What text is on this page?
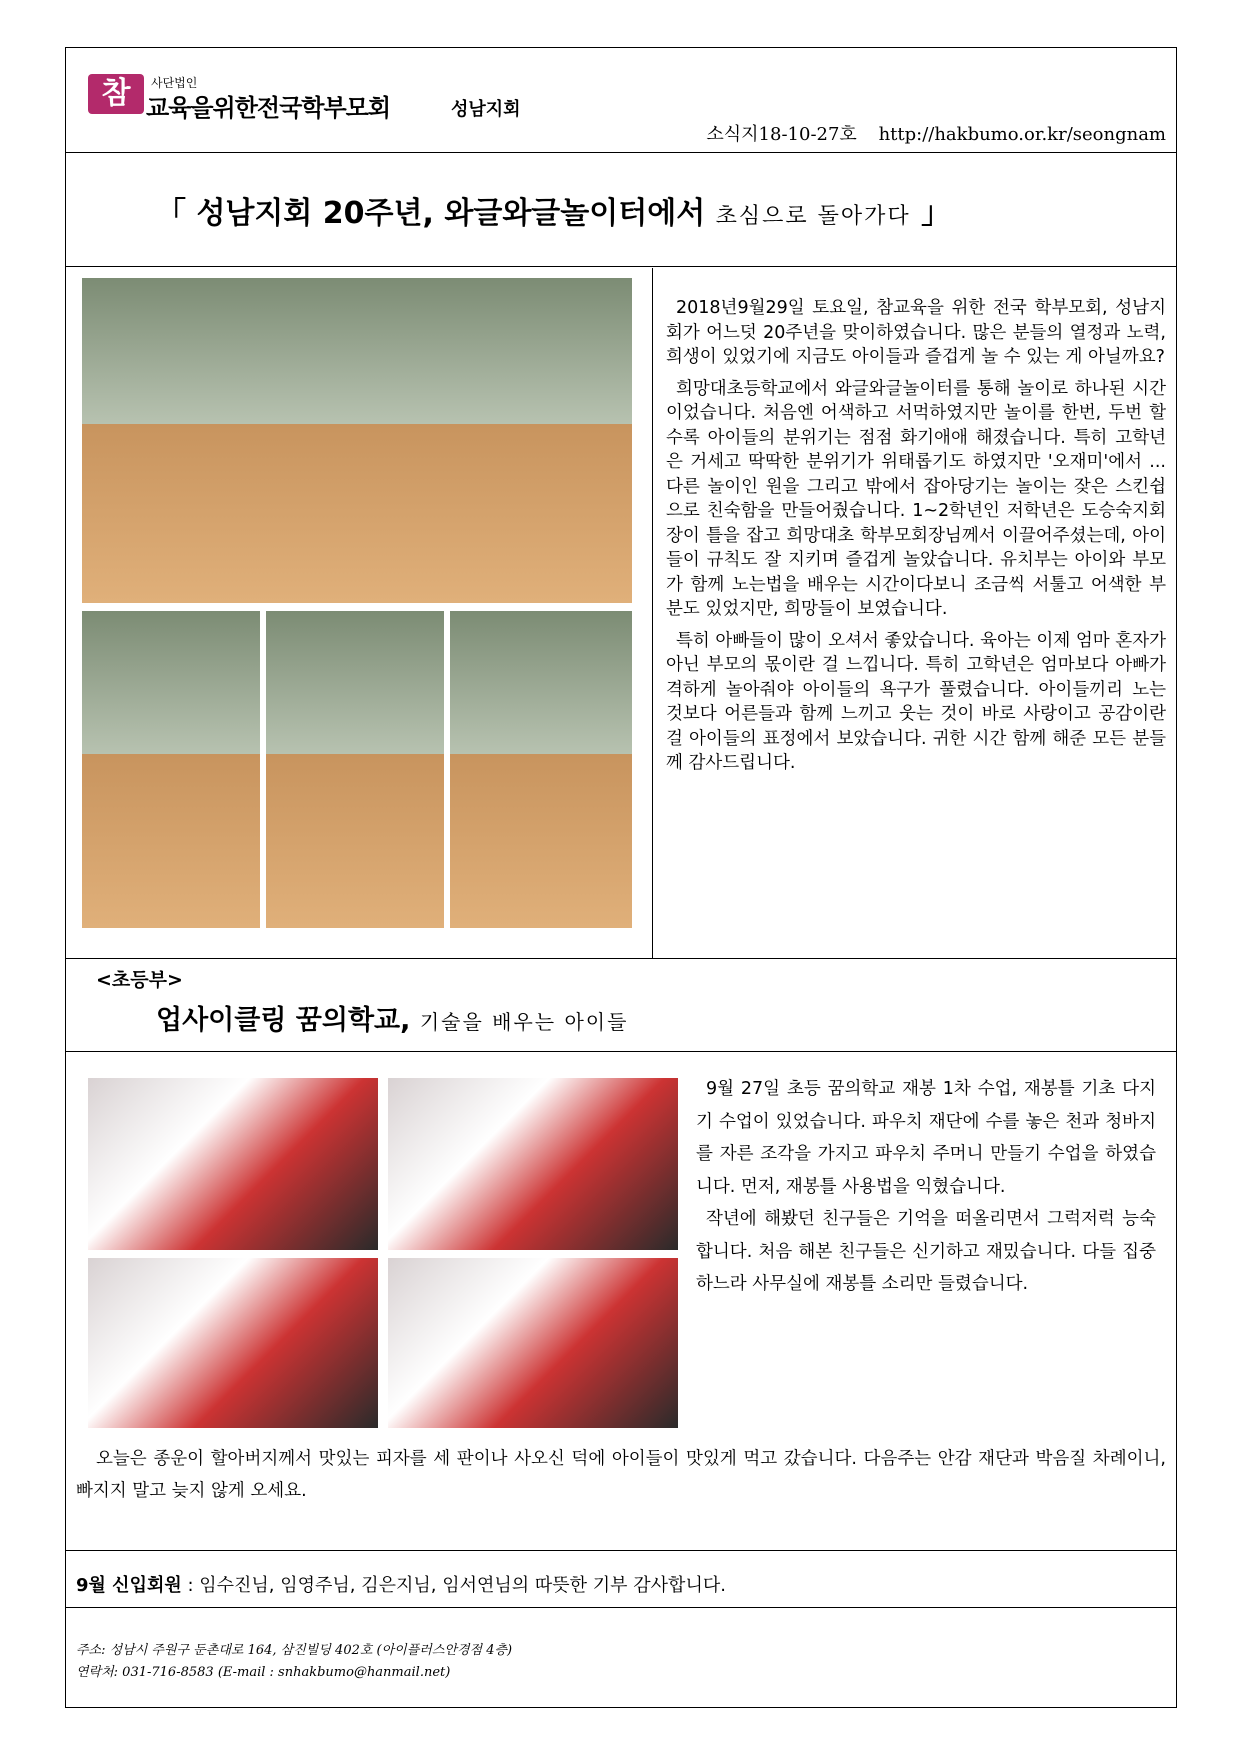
참	사단법인
교육을위한전국학부모회	성남지회
소식지18-10-27호 http://hakbumo.or.kr/seongnam
「 성남지회 20주년, 와글와글놀이터에서 초심으로 돌아가다 」

2018년9월29일 토요일, 참교육을 위한 전국 학부모회, 성남지회가 어느덧 20주년을 맞이하였습니다. 많은 분들의 열정과 노력, 희생이 있었기에 지금도 아이들과 즐겁게 놀 수 있는 게 아닐까요?

희망대초등학교에서 와글와글놀이터를 통해 놀이로 하나된 시간이었습니다. 처음엔 어색하고 서먹하였지만 놀이를 한번, 두번 할수록 아이들의 분위기는 점점 화기애애 해졌습니다. 특히 고학년은 거세고 딱딱한 분위기가 위태롭기도 하였지만 '오재미'에서 ... 다른 놀이인 원을 그리고 밖에서 잡아당기는 놀이는 잦은 스킨쉽으로 친숙함을 만들어줬습니다. 1~2학년인 저학년은 도승숙지회장이 틀을 잡고 희망대초 학부모회장님께서 이끌어주셨는데, 아이들이 규칙도 잘 지키며 즐겁게 놀았습니다. 유치부는 아이와 부모가 함께 노는법을 배우는 시간이다보니 조금씩 서툴고 어색한 부분도 있었지만, 희망들이 보였습니다.

특히 아빠들이 많이 오셔서 좋았습니다. 육아는 이제 엄마 혼자가 아닌 부모의 몫이란 걸 느낍니다. 특히 고학년은 엄마보다 아빠가 격하게 놀아줘야 아이들의 욕구가 풀렸습니다. 아이들끼리 노는 것보다 어른들과 함께 느끼고 웃는 것이 바로 사랑이고 공감이란걸 아이들의 표정에서 보았습니다. 귀한 시간 함께 해준 모든 분들께 감사드립니다.

<초등부>
업사이클링 꿈의학교, 기술을 배우는 아이들

9월 27일 초등 꿈의학교 재봉 1차 수업, 재봉틀 기초 다지기 수업이 있었습니다. 파우치 재단에 수를 놓은 천과 청바지를 자른 조각을 가지고 파우치 주머니 만들기 수업을 하였습니다. 먼저, 재봉틀 사용법을 익혔습니다.

작년에 해봤던 친구들은 기억을 떠올리면서 그럭저럭 능숙합니다. 처음 해본 친구들은 신기하고 재밌습니다. 다들 집중하느라 사무실에 재봉틀 소리만 들렸습니다.

오늘은 종운이 할아버지께서 맛있는 피자를 세 판이나 사오신 덕에 아이들이 맛있게 먹고 갔습니다. 다음주는 안감 재단과 박음질 차례이니, 빠지지 말고 늦지 않게 오세요.

9월 신입회원 : 임수진님, 임영주님, 김은지님, 임서연님의 따뜻한 기부 감사합니다.
주소: 성남시 주원구 둔촌대로 164, 삼진빌딩 402호 (아이플러스안경점 4층)
연락처: 031-716-8583 (E-mail : snhakbumo@hanmail.net)
